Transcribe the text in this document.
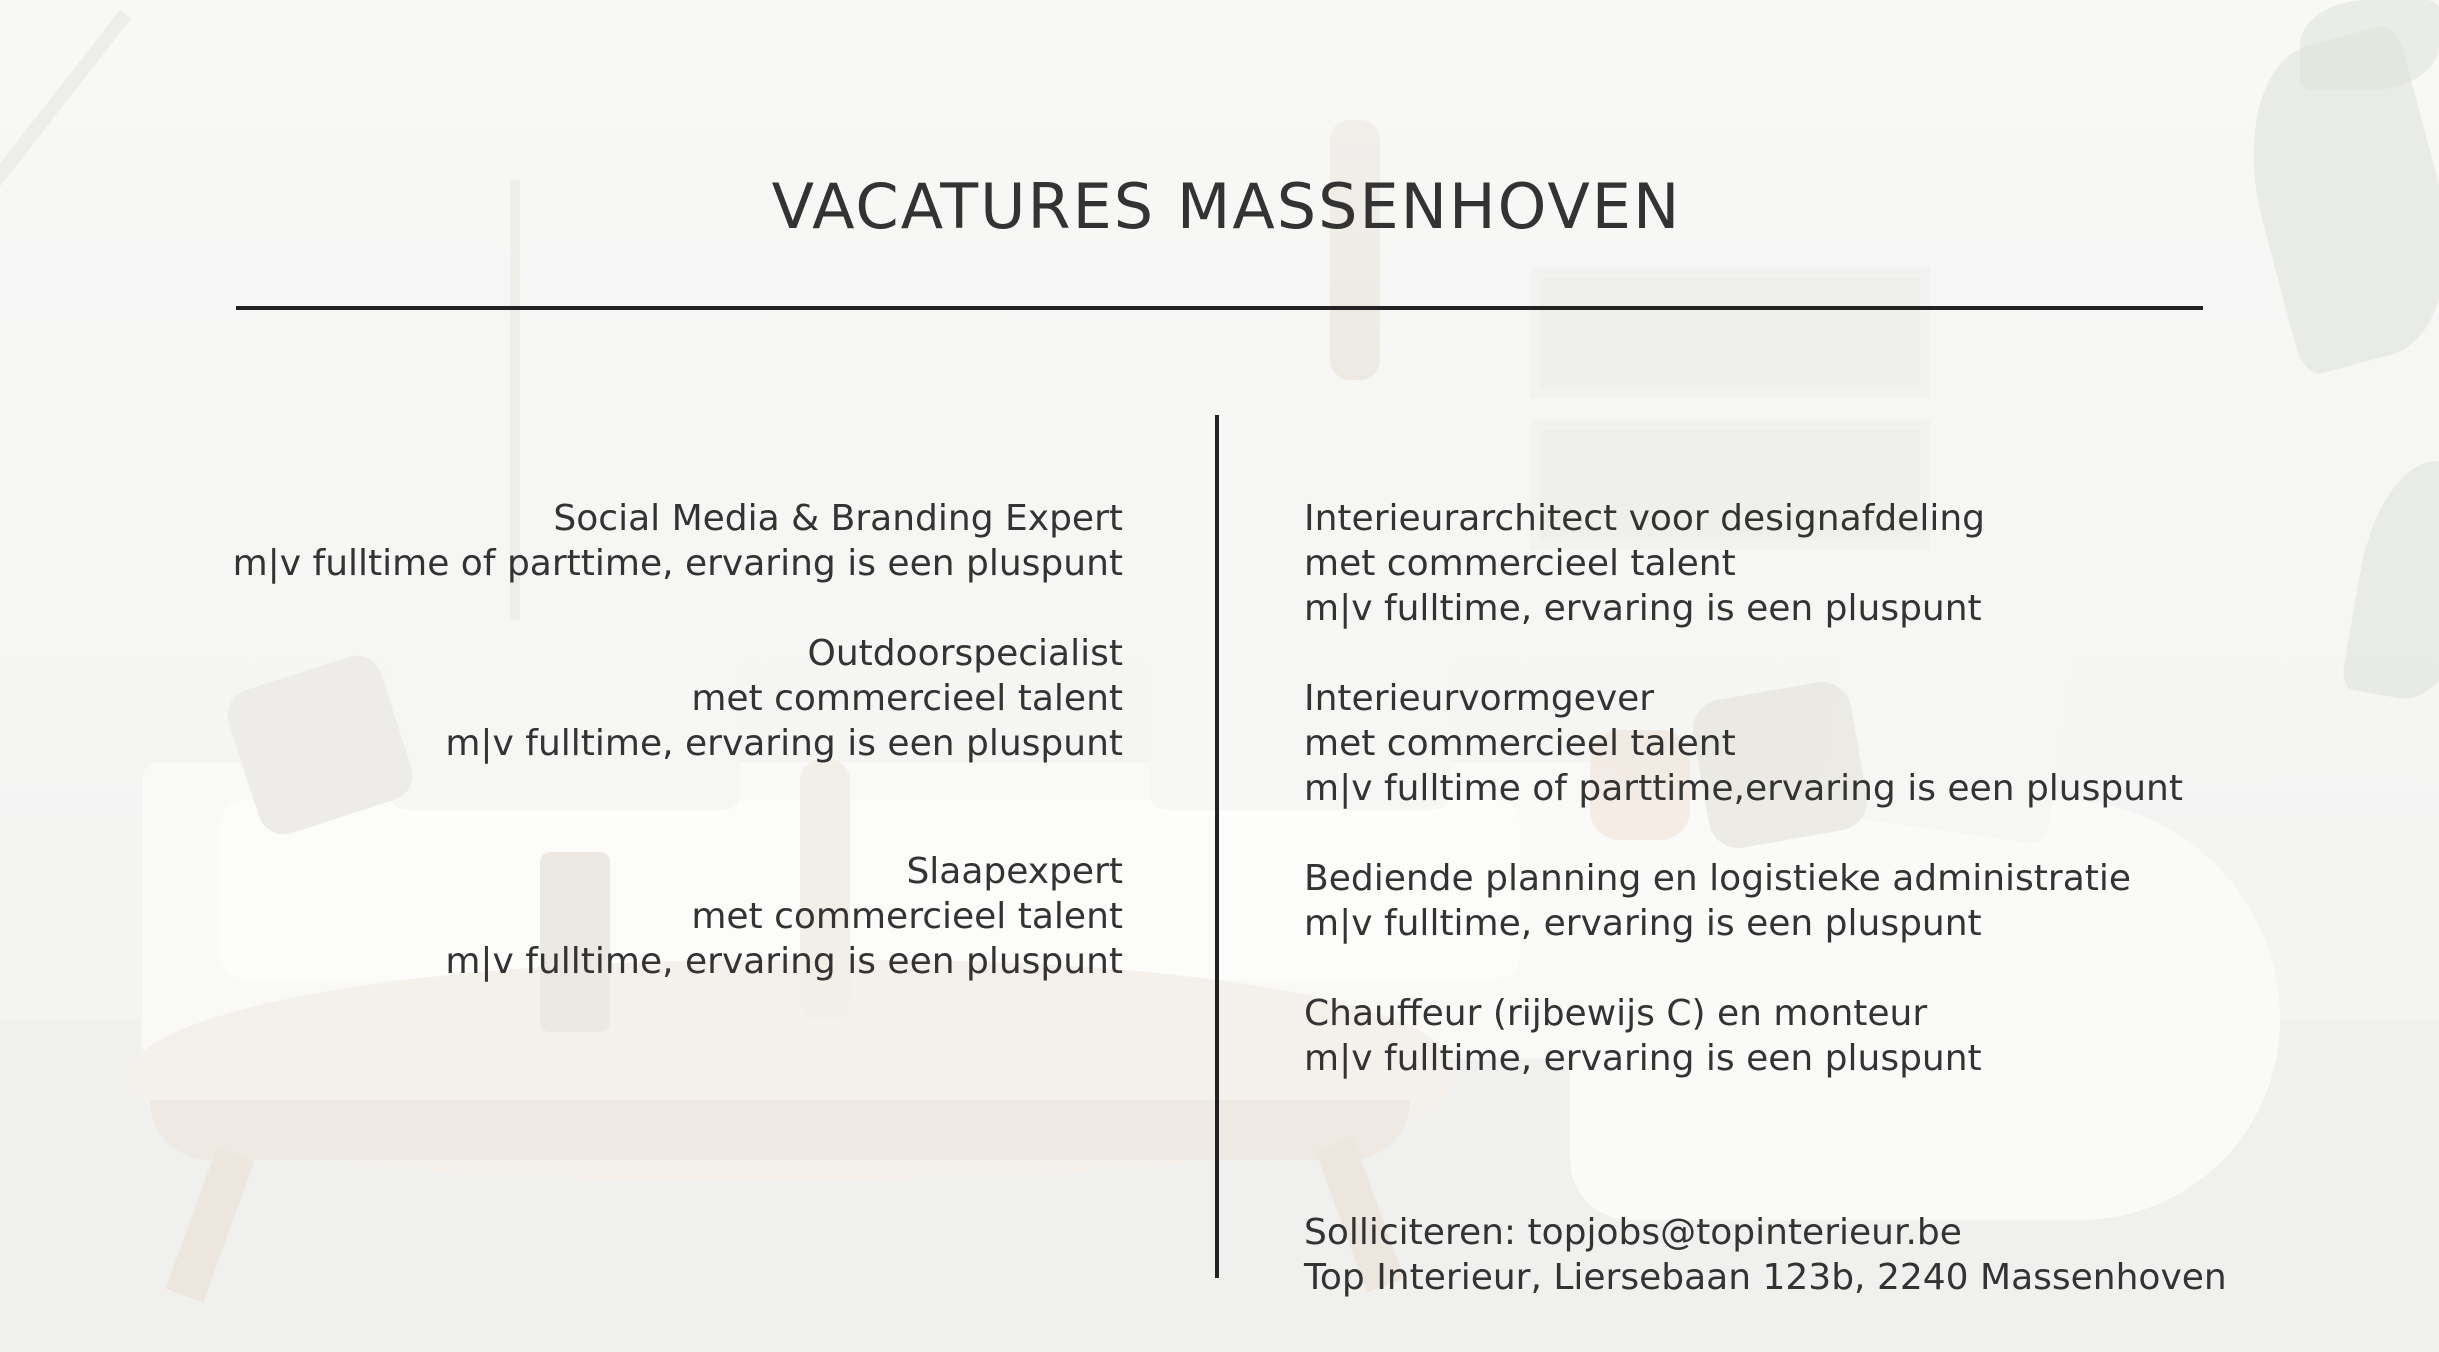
VACATURES MASSENHOVEN
Social Media & Branding Expert
m|v fulltime of parttime, ervaring is een pluspunt
Outdoorspecialist
met commercieel talent
m|v fulltime, ervaring is een pluspunt
Slaapexpert
met commercieel talent
m|v fulltime, ervaring is een pluspunt
Interieurarchitect voor designafdeling
met commercieel talent
m|v fulltime, ervaring is een pluspunt
Interieurvormgever
met commercieel talent
m|v fulltime of parttime,ervaring is een pluspunt
Bediende planning en logistieke administratie
m|v fulltime, ervaring is een pluspunt
Chauffeur (rijbewijs C) en monteur
m|v fulltime, ervaring is een pluspunt
Solliciteren: topjobs@topinterieur.be
Top Interieur, Liersebaan 123b, 2240 Massenhoven
